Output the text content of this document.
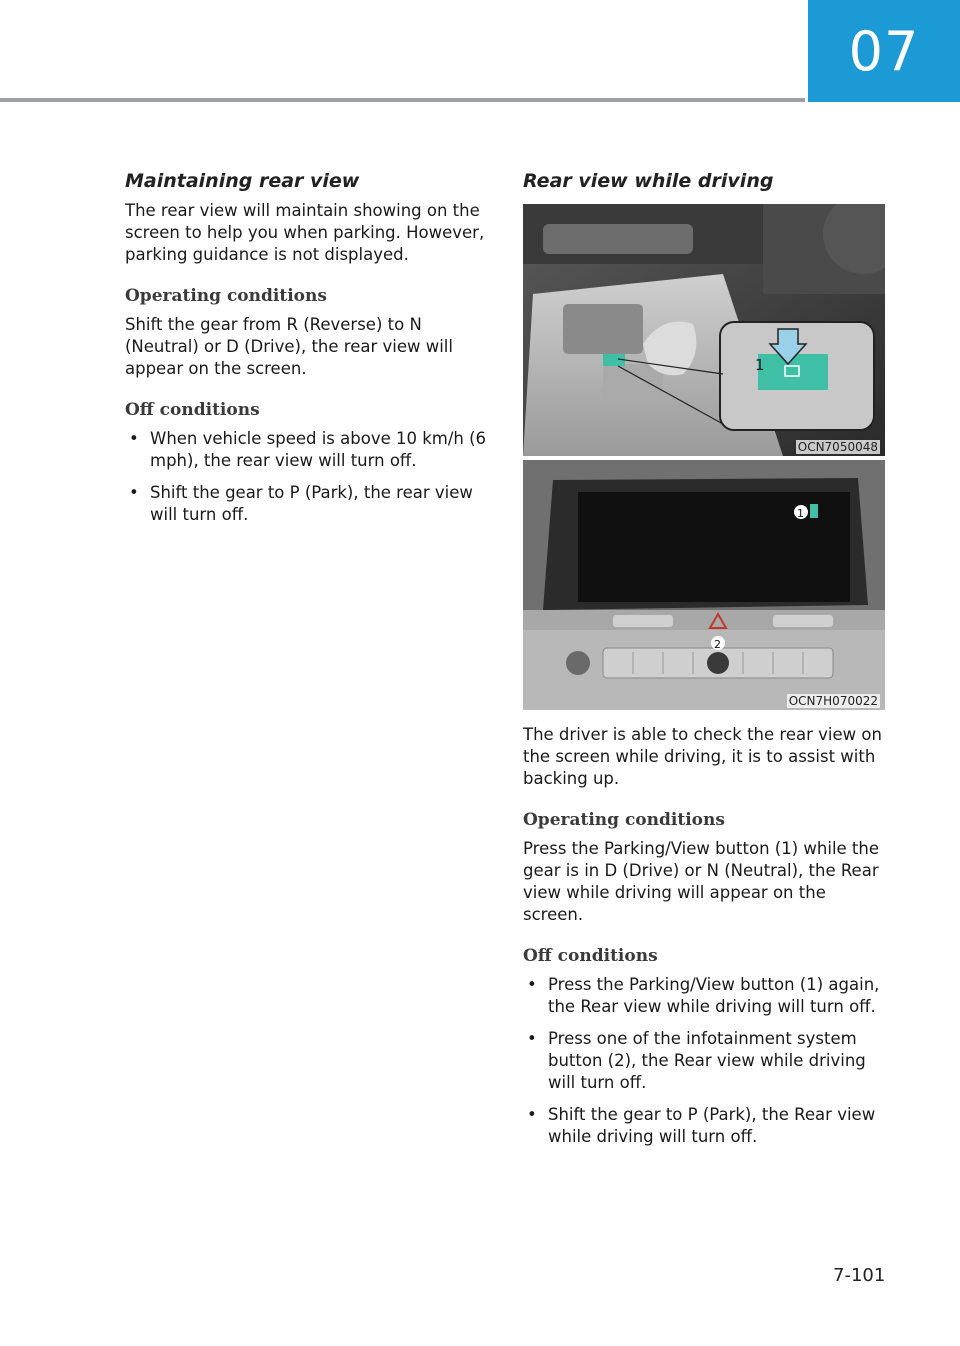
07
Maintaining rear view

The rear view will maintain showing on the screen to help you when parking. However, parking guidance is not displayed.

Operating conditions

Shift the gear from R (Reverse) to N (Neutral) or D (Drive), the rear view will appear on the screen.

Off conditions
• When vehicle speed is above 10 km/h (6 mph), the rear view will turn off.
• Shift the gear to P (Park), the rear view will turn off.
Rear view while driving
1
OCN7050048
1
2
OCN7H070022

The driver is able to check the rear view on the screen while driving, it is to assist with backing up.

Operating conditions

Press the Parking/View button (1) while the gear is in D (Drive) or N (Neutral), the Rear view while driving will appear on the screen.

Off conditions
• Press the Parking/View button (1) again, the Rear view while driving will turn off.
• Press one of the infotainment system button (2), the Rear view while driving will turn off.
• Shift the gear to P (Park), the Rear view while driving will turn off.
7-101
